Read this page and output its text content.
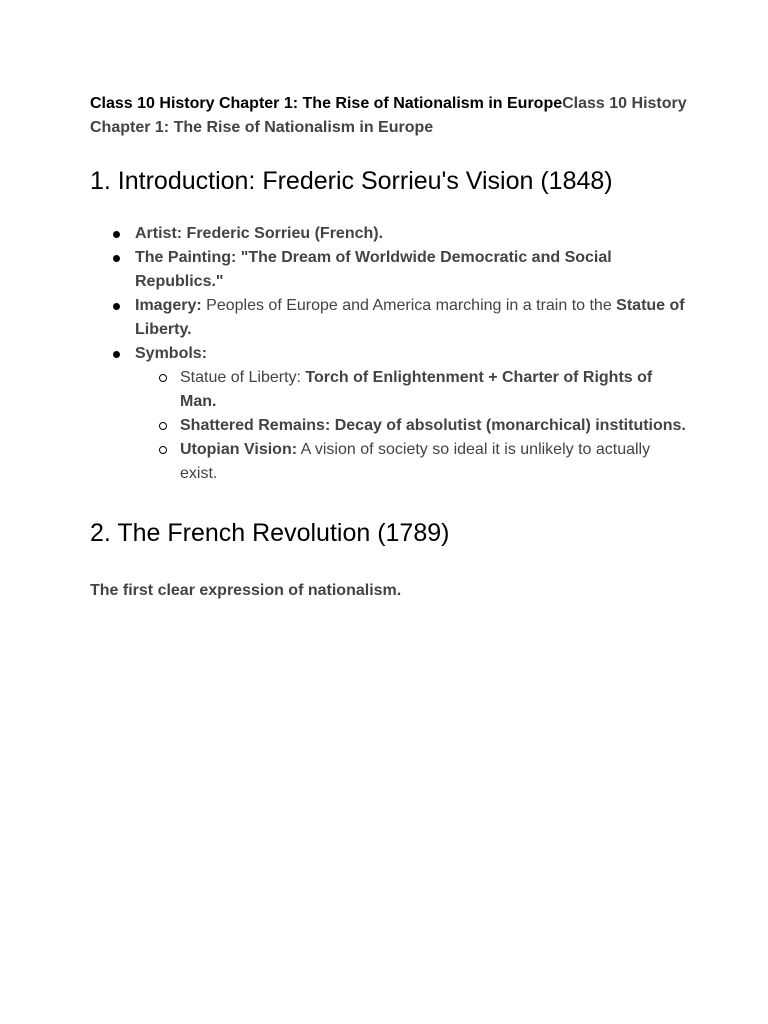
Class 10 History Chapter 1: The Rise of Nationalism in EuropeClass 10 History Chapter 1: The Rise of Nationalism in Europe

1. Introduction: Frederic Sorrieu's Vision (1848)
Artist: Frederic Sorrieu (French).
The Painting: "The Dream of Worldwide Democratic and Social Republics."
Imagery: Peoples of Europe and America marching in a train to the Statue of Liberty.
Symbols:
Statue of Liberty: Torch of Enlightenment + Charter of Rights of Man.
Shattered Remains: Decay of absolutist (monarchical) institutions.
Utopian Vision: A vision of society so ideal it is unlikely to actually exist.
2. The French Revolution (1789)

The first clear expression of nationalism.
